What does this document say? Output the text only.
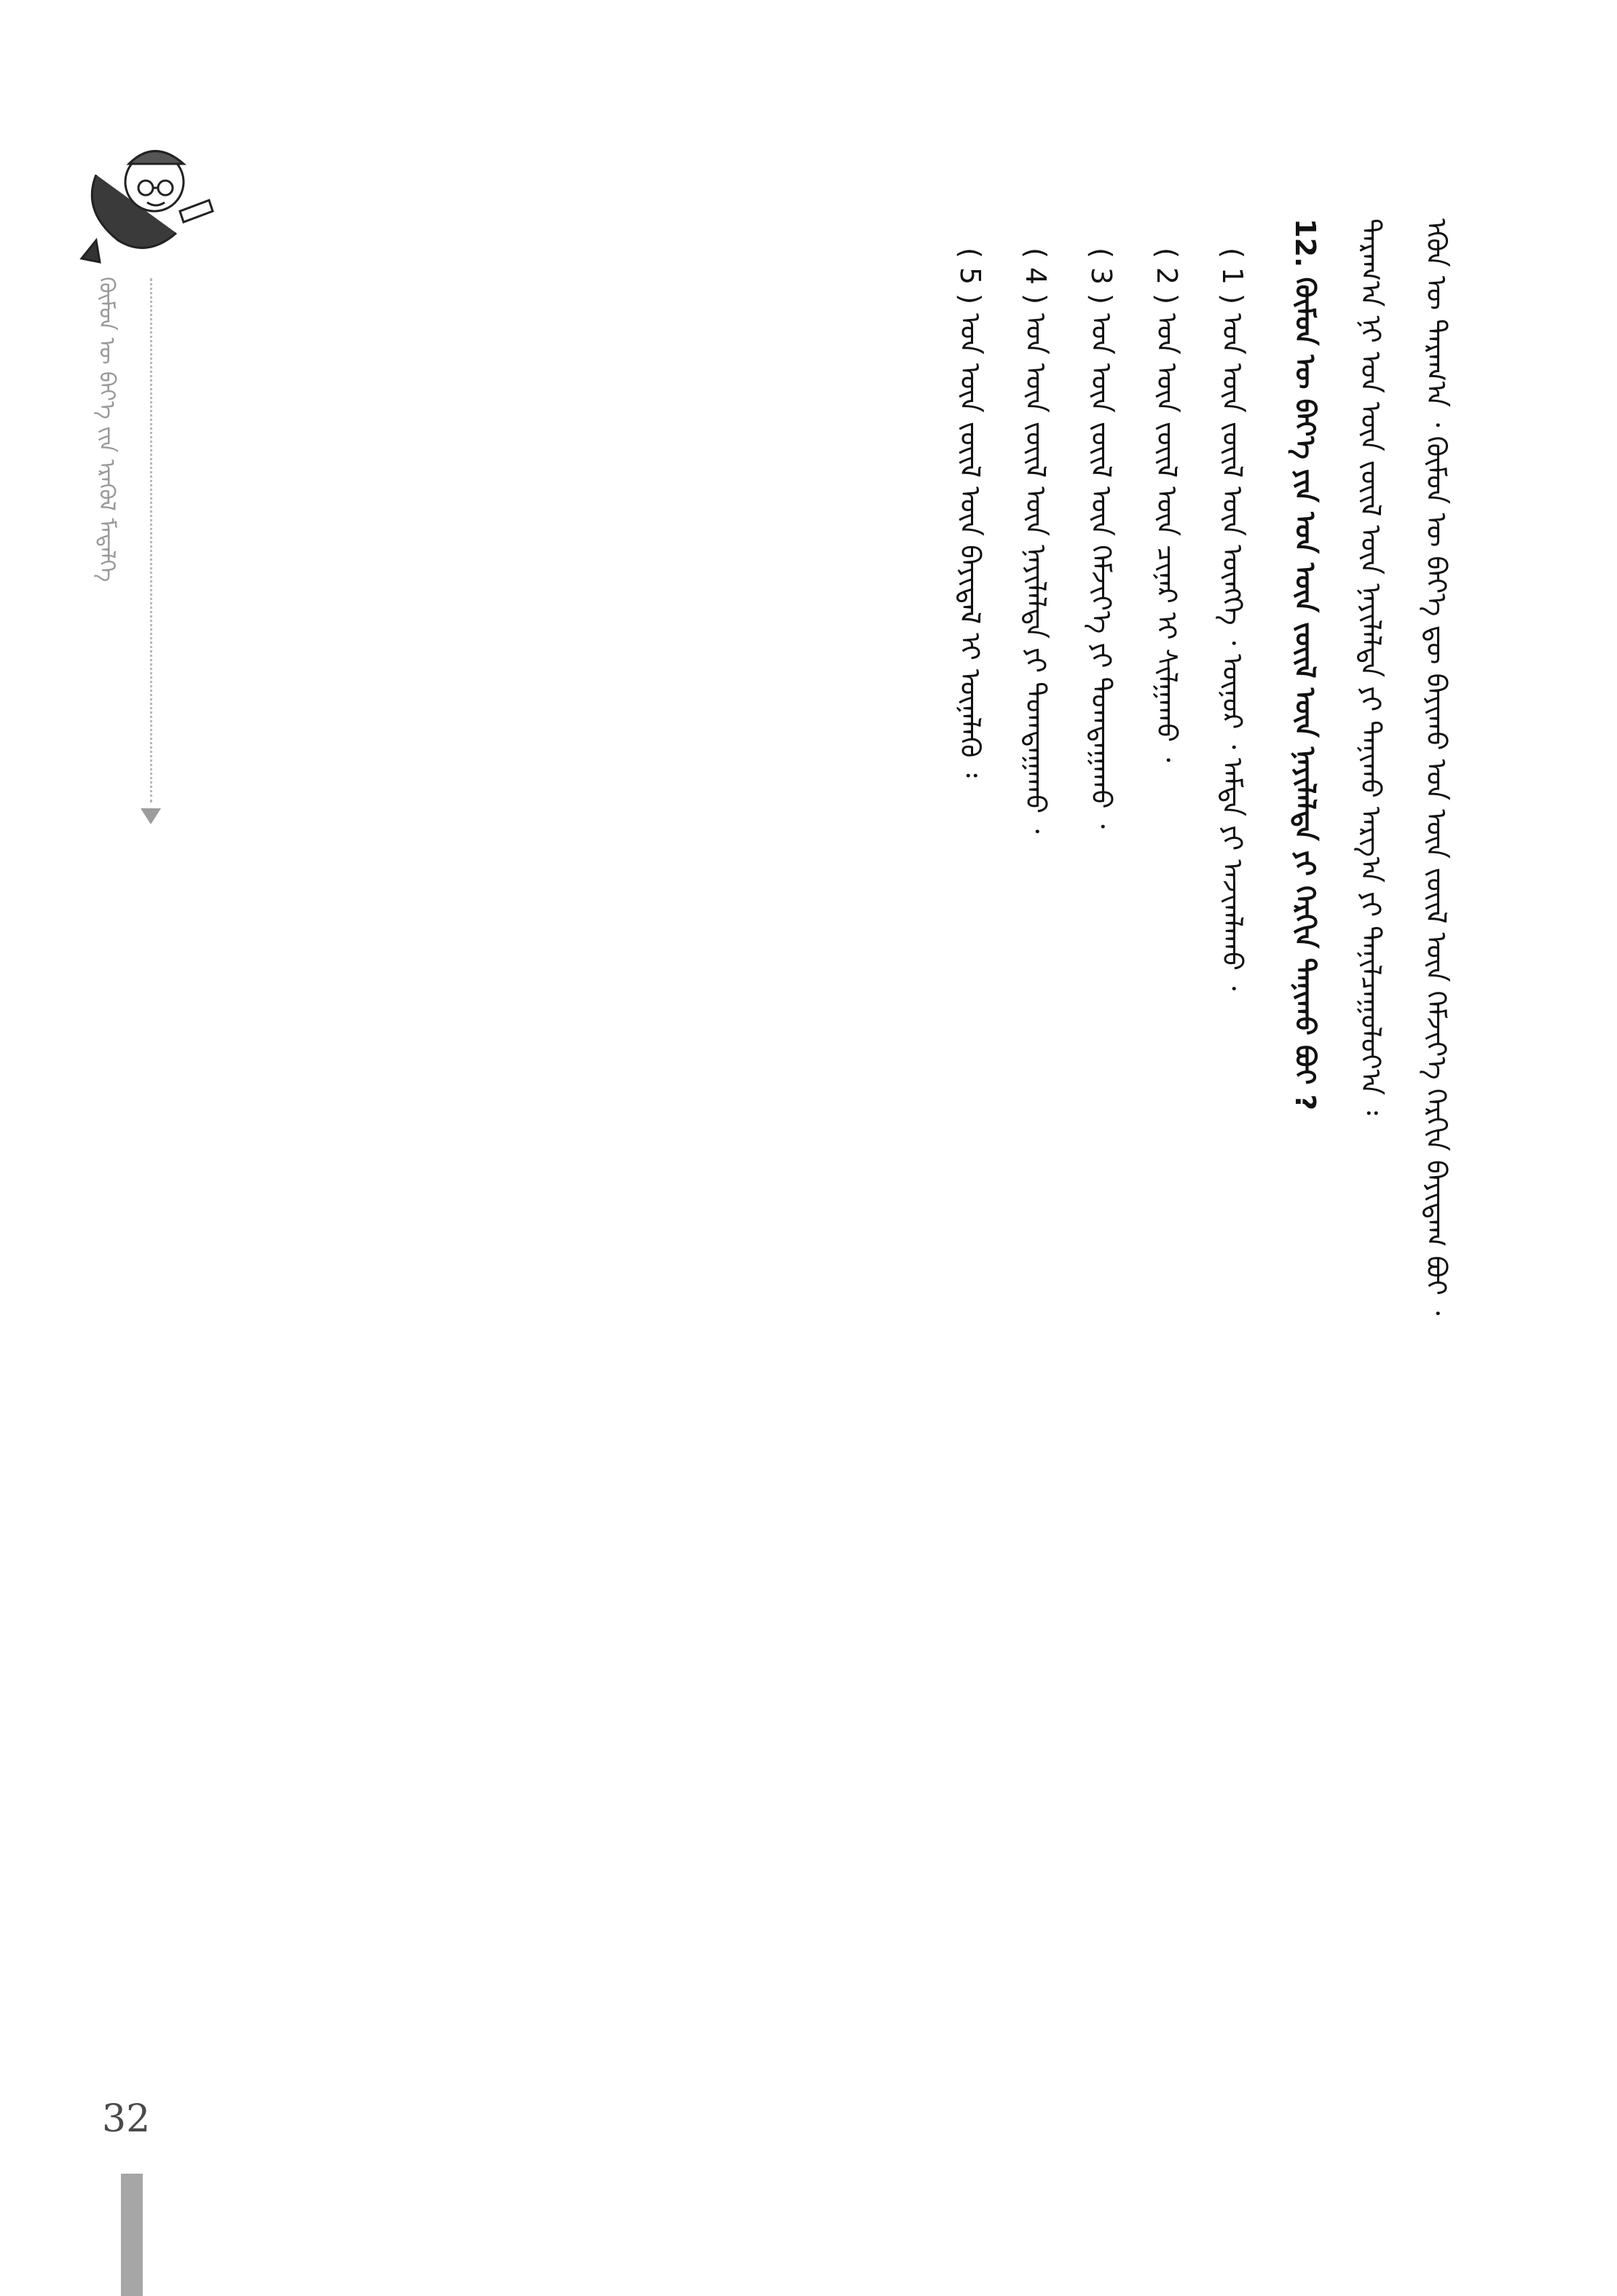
ᠬᠦᠮᠦᠨ ᠦ ᠪᠡᠶ᠎ᠡ ᠵᠢᠨ ᠡᠷᠡᠭᠦᠯ ᠮᠡᠳᠡᠯᠭᠡ	ᠡᠭᠦᠨ ᠦ ᠳᠠᠷᠠᠭ᠎ᠠ ᠂ ᠬᠦᠮᠦᠨ ᠦ ᠪᠡᠶ᠎ᠡ ᠳᠦ ᠪᠠᠶᠢᠬᠤ ᠡᠳ ᠦᠨ ᠵᠦᠢᠯ ᠦᠨ ᠬᠡᠮᠵᠢᠶ᠎ᠡ ᠬᠡᠷᠬᠢᠨ ᠪᠠᠶᠢᠳᠠᠭ ᠪᠤᠢ ᠂
ᠳᠠᠷᠠᠭ᠎ᠠ ᠨᠢ ᠡᠳ ᠦᠨ ᠵᠦᠢᠯ ᠦᠨ ᠨᠡᠶᠢᠯᠡᠯᠲᠡ ᠶᠢ ᠲᠠᠨᠢᠬᠤ ᠠᠷᠭ᠎ᠠ ᠶᠢ ᠲᠠᠨᠢᠯᠴᠠᠭᠤᠯᠤᠶ᠎ᠠ ᠄
12. ᠬᠦᠮᠦᠨ ᠦ ᠪᠡᠶ᠎ᠡ ᠶᠢᠨ ᠡᠳ ᠦᠨ ᠵᠦᠢᠯ ᠦᠨ ᠨᠡᠶᠢᠯᠡᠯᠲᠡ ᠶᠢ ᠬᠡᠷᠬᠢᠨ ᠲᠠᠨᠢᠬᠤ ᠪᠤᠢ ?
( 1 ) ᠡᠳ ᠦᠨ ᠵᠦᠢᠯ ᠦᠨ ᠦᠩᠭᠡ ᠂ ᠦᠨᠦᠷ ᠂ ᠠᠮᠲᠠ ᠶᠢ ᠠᠵᠢᠭᠯᠠᠬᠤ ᠂
( 2 ) ᠡᠳ ᠦᠨ ᠵᠦᠢᠯ ᠦᠨ ᠴᠢᠨᠠᠷ ᠢ ᠰᠢᠯᠭᠠᠬᠤ ᠂
( 3 ) ᠡᠳ ᠦᠨ ᠵᠦᠢᠯ ᠦᠨ ᠬᠡᠮᠵᠢᠶ᠎ᠡ ᠶᠢ ᠲᠣᠭᠲᠠᠭᠠᠬᠤ ᠂
( 4 ) ᠡᠳ ᠦᠨ ᠵᠦᠢᠯ ᠦᠨ ᠨᠡᠶᠢᠯᠡᠯᠲᠡ ᠶᠢ ᠲᠣᠭᠲᠠᠭᠠᠬᠤ ᠂
( 5 ) ᠡᠳ ᠦᠨ ᠵᠦᠢᠯ ᠦᠨ ᠪᠠᠶᠢᠳᠠᠯ ᠢ ᠦᠨᠡᠯᠡᠬᠦ ᠄
32
